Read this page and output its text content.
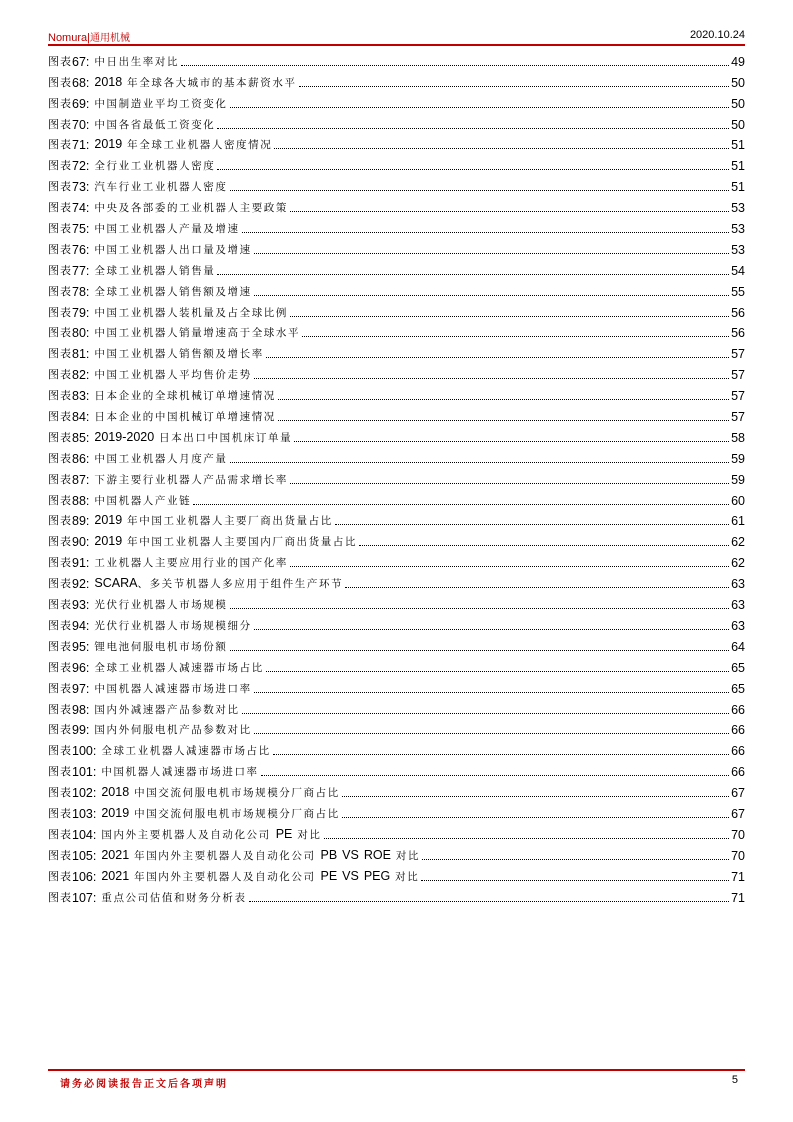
Nomura|通用机械	2020.10.24
图表 67 : 中日出生率对比	49
图表 68 : 2018 年全球各大城市的基本薪资水平	50
图表 69 : 中国制造业平均工资变化	50
图表 70 : 中国各省最低工资变化	50
图表 71 : 2019 年全球工业机器人密度情况	51
图表 72 : 全行业工业机器人密度	51
图表 73 : 汽车行业工业机器人密度	51
图表 74 : 中央及各部委的工业机器人主要政策	53
图表 75 : 中国工业机器人产量及增速	53
图表 76 : 中国工业机器人出口量及增速	53
图表 77 : 全球工业机器人销售量	54
图表 78 : 全球工业机器人销售额及增速	55
图表 79 : 中国工业机器人装机量及占全球比例	56
图表 80 : 中国工业机器人销量增速高于全球水平	56
图表 81 : 中国工业机器人销售额及增长率	57
图表 82 : 中国工业机器人平均售价走势	57
图表 83 : 日本企业的全球机械订单增速情况	57
图表 84 : 日本企业的中国机械订单增速情况	57
图表 85 : 2019-2020 日本出口中国机床订单量	58
图表 86 : 中国工业机器人月度产量	59
图表 87 : 下游主要行业机器人产品需求增长率	59
图表 88 : 中国机器人产业链	60
图表 89 : 2019 年中国工业机器人主要厂商出货量占比	61
图表 90 : 2019 年中国工业机器人主要国内厂商出货量占比	62
图表 91 : 工业机器人主要应用行业的国产化率	62
图表 92 : SCARA、多关节机器人多应用于组件生产环节	63
图表 93 : 光伏行业机器人市场规模	63
图表 94 : 光伏行业机器人市场规模细分	63
图表 95 : 锂电池伺服电机市场份额	64
图表 96 : 全球工业机器人减速器市场占比	65
图表 97 : 中国机器人减速器市场进口率	65
图表 98 : 国内外减速器产品参数对比	66
图表 99 : 国内外伺服电机产品参数对比	66
图表 100 : 全球工业机器人减速器市场占比	66
图表 101 : 中国机器人减速器市场进口率	66
图表 102 : 2018 中国交流伺服电机市场规模分厂商占比	67
图表 103 : 2019 中国交流伺服电机市场规模分厂商占比	67
图表 104 : 国内外主要机器人及自动化公司 PE 对比	70
图表 105 : 2021 年国内外主要机器人及自动化公司 PB VS ROE 对比	70
图表 106 : 2021 年国内外主要机器人及自动化公司 PE VS PEG 对比	71
图表 107 : 重点公司估值和财务分析表	71
请务必阅读报告正文后各项声明	5
